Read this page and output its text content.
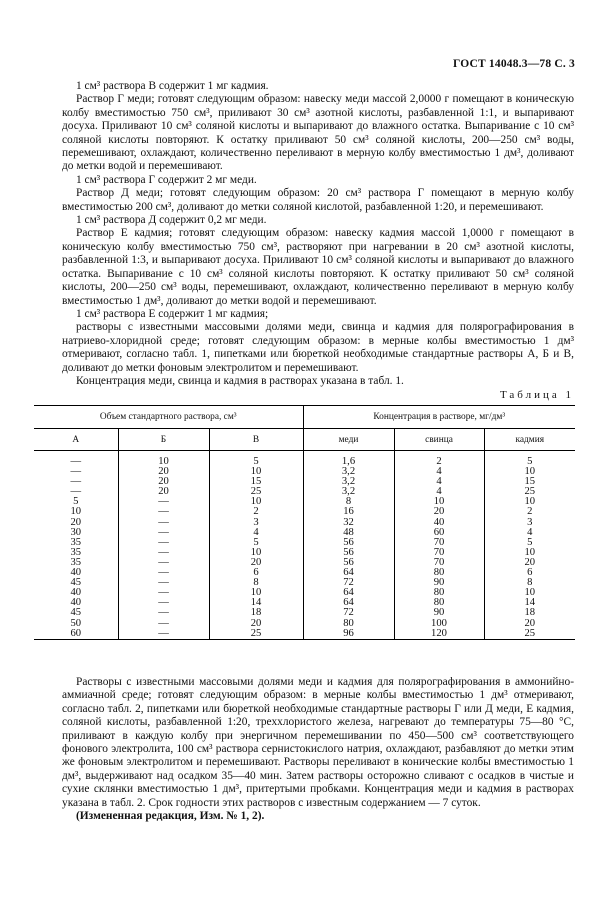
ГОСТ 14048.3—78 С. 3

1 см³ раствора В содержит 1 мг кадмия.

Раствор Г меди; готовят следующим образом: навеску меди массой 2,0000 г помещают в коническую колбу вместимостью 750 см³, приливают 30 см³ азотной кислоты, разбавленной 1:1, и выпаривают досуха. Приливают 10 см³ соляной кислоты и выпаривают до влажного остатка. Выпаривание с 10 см³ соляной кислоты повторяют. К остатку приливают 50 см³ соляной кислоты, 200—250 см³ воды, перемешивают, охлаждают, количественно переливают в мерную колбу вместимостью 1 дм³, доливают до метки водой и перемешивают.

1 см³ раствора Г содержит 2 мг меди.

Раствор Д меди; готовят следующим образом: 20 см³ раствора Г помещают в мерную колбу вместимостью 200 см³, доливают до метки соляной кислотой, разбавленной 1:20, и перемешивают.

1 см³ раствора Д содержит 0,2 мг меди.

Раствор Е кадмия; готовят следующим образом: навеску кадмия массой 1,0000 г помещают в коническую колбу вместимостью 750 см³, растворяют при нагревании в 20 см³ азотной кислоты, разбавленной 1:3, и выпаривают досуха. Приливают 10 см³ соляной кислоты и выпаривают до влажного остатка. Выпаривание с 10 см³ соляной кислоты повторяют. К остатку приливают 50 см³ соляной кислоты, 200—250 см³ воды, перемешивают, охлаждают, количественно переливают в мерную колбу вместимостью 1 дм³, доливают до метки водой и перемешивают.

1 см³ раствора Е содержит 1 мг кадмия;

растворы с известными массовыми долями меди, свинца и кадмия для полярографирования в натриево-хлоридной среде; готовят следующим образом: в мерные колбы вместимостью 1 дм³ отмеривают, согласно табл. 1, пипетками или бюреткой необходимые стандартные растворы А, Б и В, доливают до метки фоновым электролитом и перемешивают.

Концентрация меди, свинца и кадмия в растворах указана в табл. 1.

Таблица 1
Объем стандартного раствора, см³			Концентрация в растворе, мг/дм³		
А	Б	В	меди	свинца	кадмия
—	10	5	1,6	2	5
—	20	10	3,2	4	10
—	20	15	3,2	4	15
—	20	25	3,2	4	25
5	—	10	8	10	10
10	—	2	16	20	2
20	—	3	32	40	3
30	—	4	48	60	4
35	—	5	56	70	5
35	—	10	56	70	10
35	—	20	56	70	20
40	—	6	64	80	6
45	—	8	72	90	8
40	—	10	64	80	10
40	—	14	64	80	14
45	—	18	72	90	18
50	—	20	80	100	20
60	—	25	96	120	25

Растворы с известными массовыми долями меди и кадмия для полярографирования в аммонийно-аммиачной среде; готовят следующим образом: в мерные колбы вместимостью 1 дм³ отмеривают, согласно табл. 2, пипетками или бюреткой необходимые стандартные растворы Г или Д меди, Е кадмия, соляной кислоты, разбавленной 1:20, трехxлористого железа, нагревают до температуры 75—80 °С, приливают в каждую колбу при энергичном перемешивании по 450—500 см³ соответствующего фонового электролита, 100 см³ раствора сернистокислого натрия, охлаждают, разбавляют до метки этим же фоновым электролитом и перемешивают. Растворы переливают в конические колбы вместимостью 1 дм³, выдерживают над осадком 35—40 мин. Затем растворы осторожно сливают с осадков в чистые и сухие склянки вместимостью 1 дм³, притертыми пробками. Концентрация меди и кадмия в растворах указана в табл. 2. Срок годности этих растворов с известным содержанием — 7 суток.

(Измененная редакция, Изм. № 1, 2).
